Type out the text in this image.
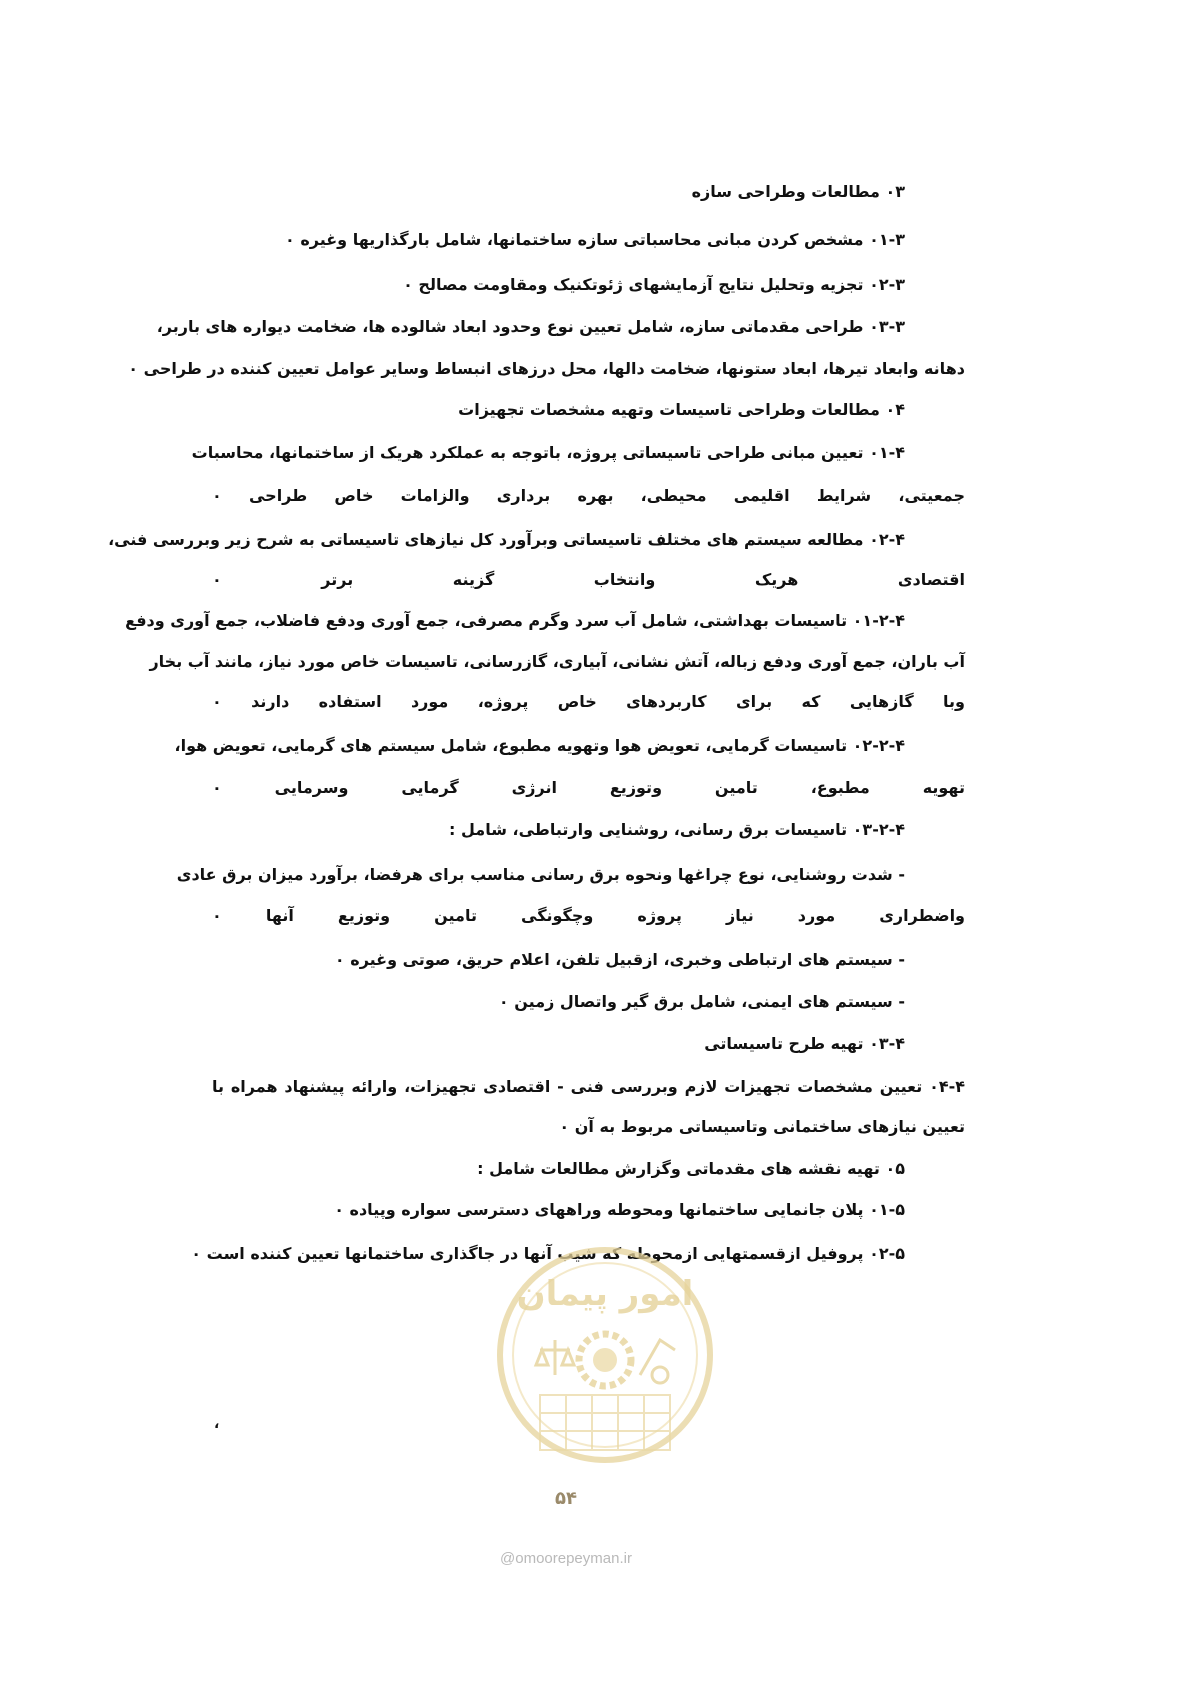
۰۳ مطالعات وطراحی سازه
۰۱-۳ مشخص کردن مبانی محاسباتی سازه ساختمانها، شامل بارگذاریها وغیره ۰
۰۲-۳ تجزیه وتحلیل نتایج آزمایشهای ژئوتکنیک ومقاومت مصالح ۰
۰۳-۳ طراحی مقدماتی سازه، شامل تعیین نوع وحدود ابعاد شالوده ها، ضخامت دیواره های باربر،
دهانه وابعاد تیرها، ابعاد ستونها، ضخامت دالها، محل درزهای انبساط وسایر عوامل تعیین کننده در طراحی ۰
۰۴ مطالعات وطراحی تاسیسات وتهیه مشخصات تجهیزات
۰۱-۴ تعیین مبانی طراحی تاسیساتی پروژه، باتوجه به عملکرد هریک از ساختمانها، محاسبات
جمعیتی، شرایط اقلیمی محیطی، بهره برداری والزامات خاص طراحی ۰
۰۲-۴ مطالعه سیستم های مختلف تاسیساتی وبرآورد کل نیازهای تاسیساتی به شرح زیر وبررسی فنی،
اقتصادی هریک وانتخاب گزینه برتر ۰
۰۱-۲-۴ تاسیسات بهداشتی، شامل آب سرد وگرم مصرفی، جمع آوری ودفع فاضلاب، جمع آوری ودفع
آب باران، جمع آوری ودفع زباله، آتش نشانی، آبیاری، گازرسانی، تاسیسات خاص مورد نیاز، مانند آب بخار
وبا گازهایی که برای کاربردهای خاص پروژه، مورد استفاده دارند ۰
۰۲-۲-۴ تاسیسات گرمایی، تعویض هوا وتهویه مطبوع، شامل سیستم های گرمایی، تعویض هوا،
تهویه مطبوع، تامین وتوزیع انرژی گرمایی وسرمایی ۰
۰۳-۲-۴ تاسیسات برق رسانی، روشنایی وارتباطی، شامل :
- شدت روشنایی، نوع چراغها ونحوه برق رسانی مناسب برای هرفضا، برآورد میزان برق عادی
واضطراری مورد نیاز پروژه وچگونگی تامین وتوزیع آنها ۰
- سیستم های ارتباطی وخبری، ازقبیل تلفن، اعلام حریق، صوتی وغیره ۰
- سیستم های ایمنی، شامل برق گیر واتصال زمین ۰
۰۳-۴ تهیه طرح تاسیساتی
۰۴-۴ تعیین مشخصات تجهیزات لازم وبررسی فنی - اقتصادی تجهیزات، وارائه پیشنهاد همراه با
تعیین نیازهای ساختمانی وتاسیساتی مربوط به آن ۰
۰۵ تهیه نقشه های مقدماتی وگزارش مطالعات شامل :
۰۱-۵ پلان جانمایی ساختمانها ومحوطه وراههای دسترسی سواره وپیاده ۰
۰۲-۵ پروفیل ازقسمتهایی ازمحوطه که شیب آنها در جاگذاری ساختمانها تعیین کننده است ۰
،
امور پیمان
۵۴
@omoorepeyman.ir
